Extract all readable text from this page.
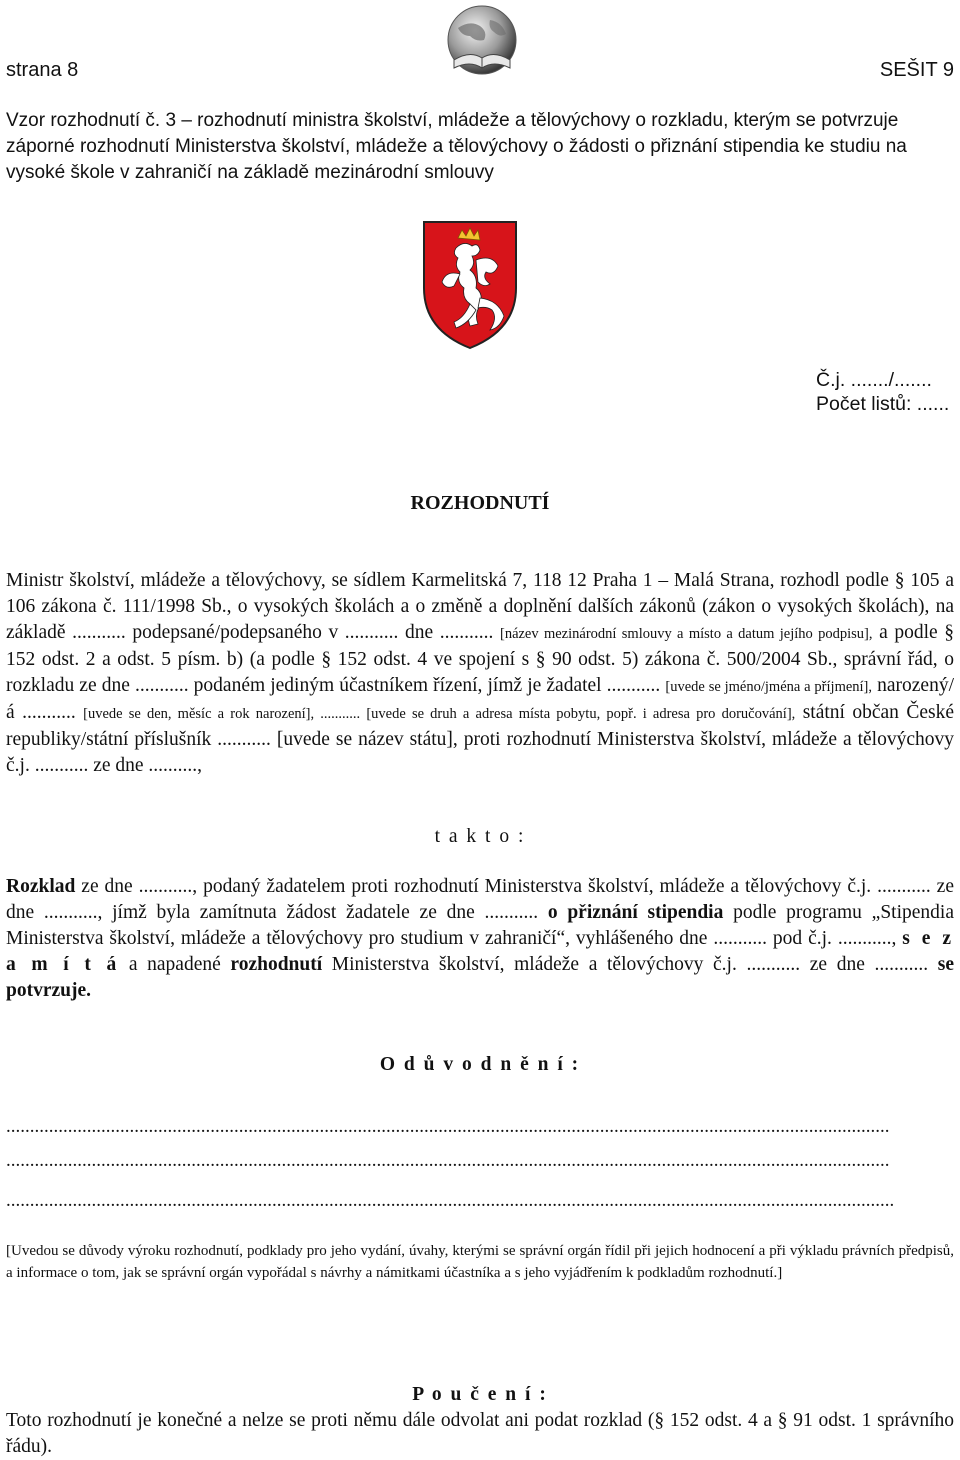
strana 8	SEŠIT 9
Vzor rozhodnutí č. 3 – rozhodnutí ministra školství, mládeže a tělovýchovy o rozkladu, kterým se potvrzuje záporné rozhodnutí Ministerstva školství, mládeže a tělovýchovy o žádosti o přiznání stipendia ke studiu na vysoké škole v zahraničí na základě mezinárodní smlouvy
Č.j. ......./.......
Počet listů: ......
ROZHODNUTÍ
Ministr školství, mládeže a tělovýchovy, se sídlem Karmelitská 7, 118 12 Praha 1 – Malá Strana, rozhodl podle § 105 a 106 zákona č. 111/1998 Sb., o vysokých školách a o změně a doplnění dalších zákonů (zákon o vysokých školách), na základě ........... podepsané/podepsaného v ........... dne ........... [název mezinárodní smlouvy a místo a datum jejího podpisu], a podle § 152 odst. 2 a odst. 5 písm. b) (a podle § 152 odst. 4 ve spojení s § 90 odst. 5) zákona č. 500/2004 Sb., správní řád, o rozkladu ze dne ........... podaném jediným účastníkem řízení, jímž je žadatel ........... [uvede se jméno/jména a příjmení], narozený/á ........... [uvede se den, měsíc a rok narození], ........... [uvede se druh a adresa místa pobytu, popř. i adresa pro doručování], státní občan České republiky/státní příslušník ........... [uvede se název státu], proti rozhodnutí Ministerstva školství, mládeže a tělovýchovy č.j. ........... ze dne ..........,
t a k t o :
Rozklad ze dne ..........., podaný žadatelem proti rozhodnutí Ministerstva školství, mládeže a tělovýchovy č.j. ........... ze dne ..........., jímž byla zamítnuta žádost žadatele ze dne ........... o přiznání stipendia podle programu „Stipendia Ministerstva školství, mládeže a tělovýchovy pro studium v zahraničí“, vyhlášeného dne ........... pod č.j. ..........., s e z a m í t á a napadené rozhodnutí Ministerstva školství, mládeže a tělovýchovy č.j. ........... ze dne ........... se potvrzuje.
O d ů v o d n ě n í :
..........................................................................................................................................................................................
..........................................................................................................................................................................................
...........................................................................................................................................................................................
[Uvedou se důvody výroku rozhodnutí, podklady pro jeho vydání, úvahy, kterými se správní orgán řídil při jejich hodnocení a při výkladu právních předpisů, a informace o tom, jak se správní orgán vypořádal s návrhy a námitkami účastníka a s jeho vyjádřením k podkladům rozhodnutí.]
P o u č e n í :
Toto rozhodnutí je konečné a nelze se proti němu dále odvolat ani podat rozklad (§ 152 odst. 4 a § 91 odst. 1 správního řádu).
